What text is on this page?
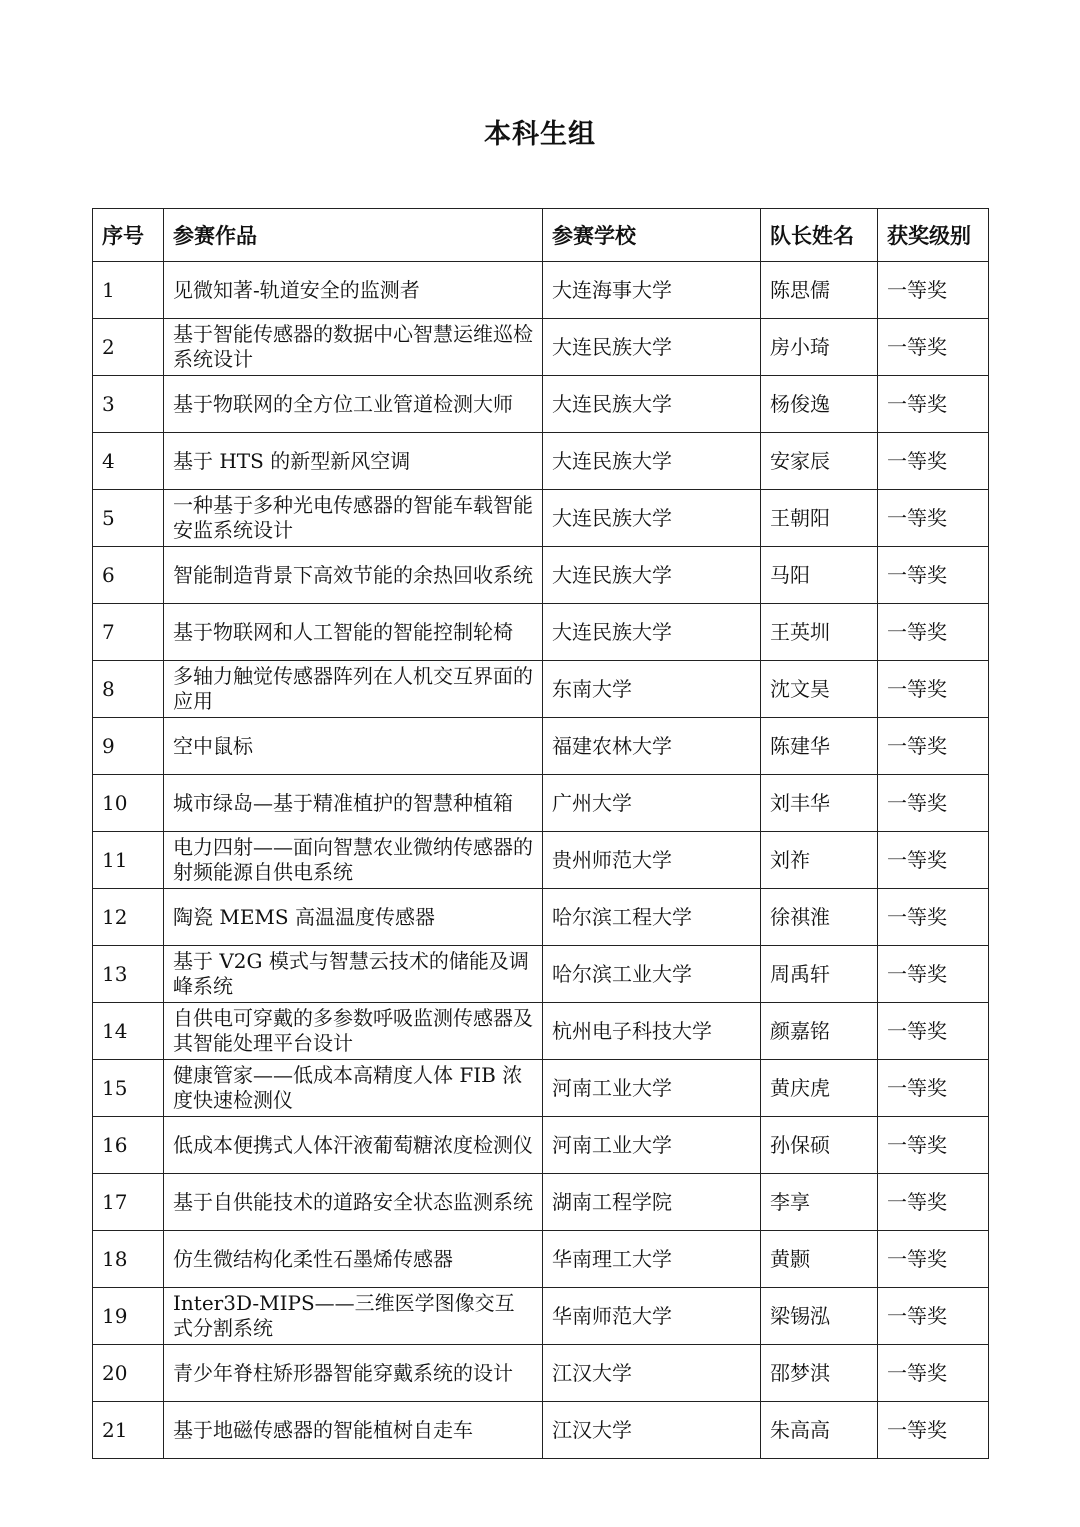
本科生组
序号	参赛作品	参赛学校	队长姓名	获奖级别
1	见微知著-轨道安全的监测者	大连海事大学	陈思儒	一等奖
2	基于智能传感器的数据中心智慧运维巡检系统设计	大连民族大学	房小琦	一等奖
3	基于物联网的全方位工业管道检测大师	大连民族大学	杨俊逸	一等奖
4	基于 HTS 的新型新风空调	大连民族大学	安家辰	一等奖
5	一种基于多种光电传感器的智能车载智能安监系统设计	大连民族大学	王朝阳	一等奖
6	智能制造背景下高效节能的余热回收系统	大连民族大学	马阳	一等奖
7	基于物联网和人工智能的智能控制轮椅	大连民族大学	王英圳	一等奖
8	多轴力触觉传感器阵列在人机交互界面的应用	东南大学	沈文昊	一等奖
9	空中鼠标	福建农林大学	陈建华	一等奖
10	城市绿岛—基于精准植护的智慧种植箱	广州大学	刘丰华	一等奖
11	电力四射——面向智慧农业微纳传感器的射频能源自供电系统	贵州师范大学	刘祚	一等奖
12	陶瓷 MEMS 高温温度传感器	哈尔滨工程大学	徐祺淮	一等奖
13	基于 V2G 模式与智慧云技术的储能及调峰系统	哈尔滨工业大学	周禹轩	一等奖
14	自供电可穿戴的多参数呼吸监测传感器及其智能处理平台设计	杭州电子科技大学	颜嘉铭	一等奖
15	健康管家——低成本高精度人体 FIB 浓度快速检测仪	河南工业大学	黄庆虎	一等奖
16	低成本便携式人体汗液葡萄糖浓度检测仪	河南工业大学	孙保硕	一等奖
17	基于自供能技术的道路安全状态监测系统	湖南工程学院	李享	一等奖
18	仿生微结构化柔性石墨烯传感器	华南理工大学	黄颢	一等奖
19	Inter3D-MIPS——三维医学图像交互式分割系统	华南师范大学	梁锡泓	一等奖
20	青少年脊柱矫形器智能穿戴系统的设计	江汉大学	邵梦淇	一等奖
21	基于地磁传感器的智能植树自走车	江汉大学	朱高高	一等奖
